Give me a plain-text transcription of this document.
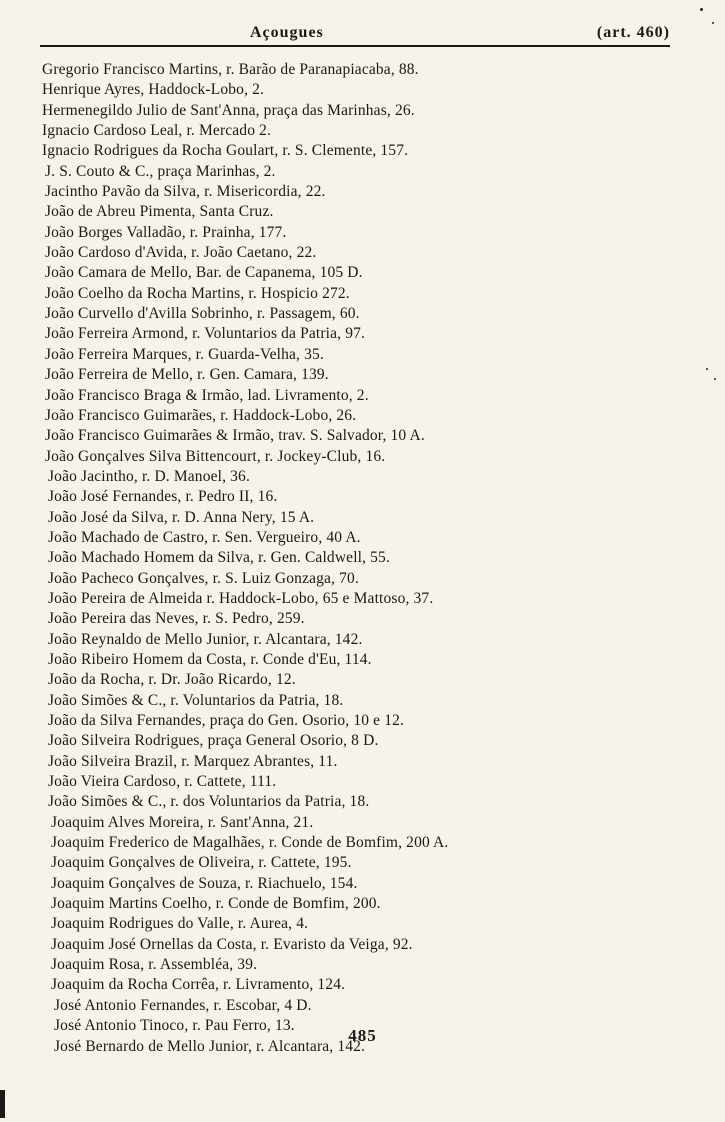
Açougues	(art. 460)
Gregorio Francisco Martins, r. Barão de Paranapiacaba, 88.
Henrique Ayres, Haddock-Lobo, 2.
Hermenegildo Julio de Sant'Anna, praça das Marinhas, 26.
Ignacio Cardoso Leal, r. Mercado 2.
Ignacio Rodrigues da Rocha Goulart, r. S. Clemente, 157.
J. S. Couto & C., praça Marinhas, 2.
Jacintho Pavão da Silva, r. Misericordia, 22.
João de Abreu Pimenta, Santa Cruz.
João Borges Valladão, r. Prainha, 177.
João Cardoso d'Avida, r. João Caetano, 22.
João Camara de Mello, Bar. de Capanema, 105 D.
João Coelho da Rocha Martins, r. Hospicio 272.
João Curvello d'Avilla Sobrinho, r. Passagem, 60.
João Ferreira Armond, r. Voluntarios da Patria, 97.
João Ferreira Marques, r. Guarda-Velha, 35.
João Ferreira de Mello, r. Gen. Camara, 139.
João Francisco Braga & Irmão, lad. Livramento, 2.
João Francisco Guimarães, r. Haddock-Lobo, 26.
João Francisco Guimarães & Irmão, trav. S. Salvador, 10 A.
João Gonçalves Silva Bittencourt, r. Jockey-Club, 16.
João Jacintho, r. D. Manoel, 36.
João José Fernandes, r. Pedro II, 16.
João José da Silva, r. D. Anna Nery, 15 A.
João Machado de Castro, r. Sen. Vergueiro, 40 A.
João Machado Homem da Silva, r. Gen. Caldwell, 55.
João Pacheco Gonçalves, r. S. Luiz Gonzaga, 70.
João Pereira de Almeida r. Haddock-Lobo, 65 e Mattoso, 37.
João Pereira das Neves, r. S. Pedro, 259.
João Reynaldo de Mello Junior, r. Alcantara, 142.
João Ribeiro Homem da Costa, r. Conde d'Eu, 114.
João da Rocha, r. Dr. João Ricardo, 12.
João Simões & C., r. Voluntarios da Patria, 18.
João da Silva Fernandes, praça do Gen. Osorio, 10 e 12.
João Silveira Rodrigues, praça General Osorio, 8 D.
João Silveira Brazil, r. Marquez Abrantes, 11.
João Vieira Cardoso, r. Cattete, 111.
João Simões & C., r. dos Voluntarios da Patria, 18.
Joaquim Alves Moreira, r. Sant'Anna, 21.
Joaquim Frederico de Magalhães, r. Conde de Bomfim, 200 A.
Joaquim Gonçalves de Oliveira, r. Cattete, 195.
Joaquim Gonçalves de Souza, r. Riachuelo, 154.
Joaquim Martins Coelho, r. Conde de Bomfim, 200.
Joaquim Rodrigues do Valle, r. Aurea, 4.
Joaquim José Ornellas da Costa, r. Evaristo da Veiga, 92.
Joaquim Rosa, r. Assembléa, 39.
Joaquim da Rocha Corrêa, r. Livramento, 124.
José Antonio Fernandes, r. Escobar, 4 D.
José Antonio Tinoco, r. Pau Ferro, 13.
José Bernardo de Mello Junior, r. Alcantara, 142.
485
